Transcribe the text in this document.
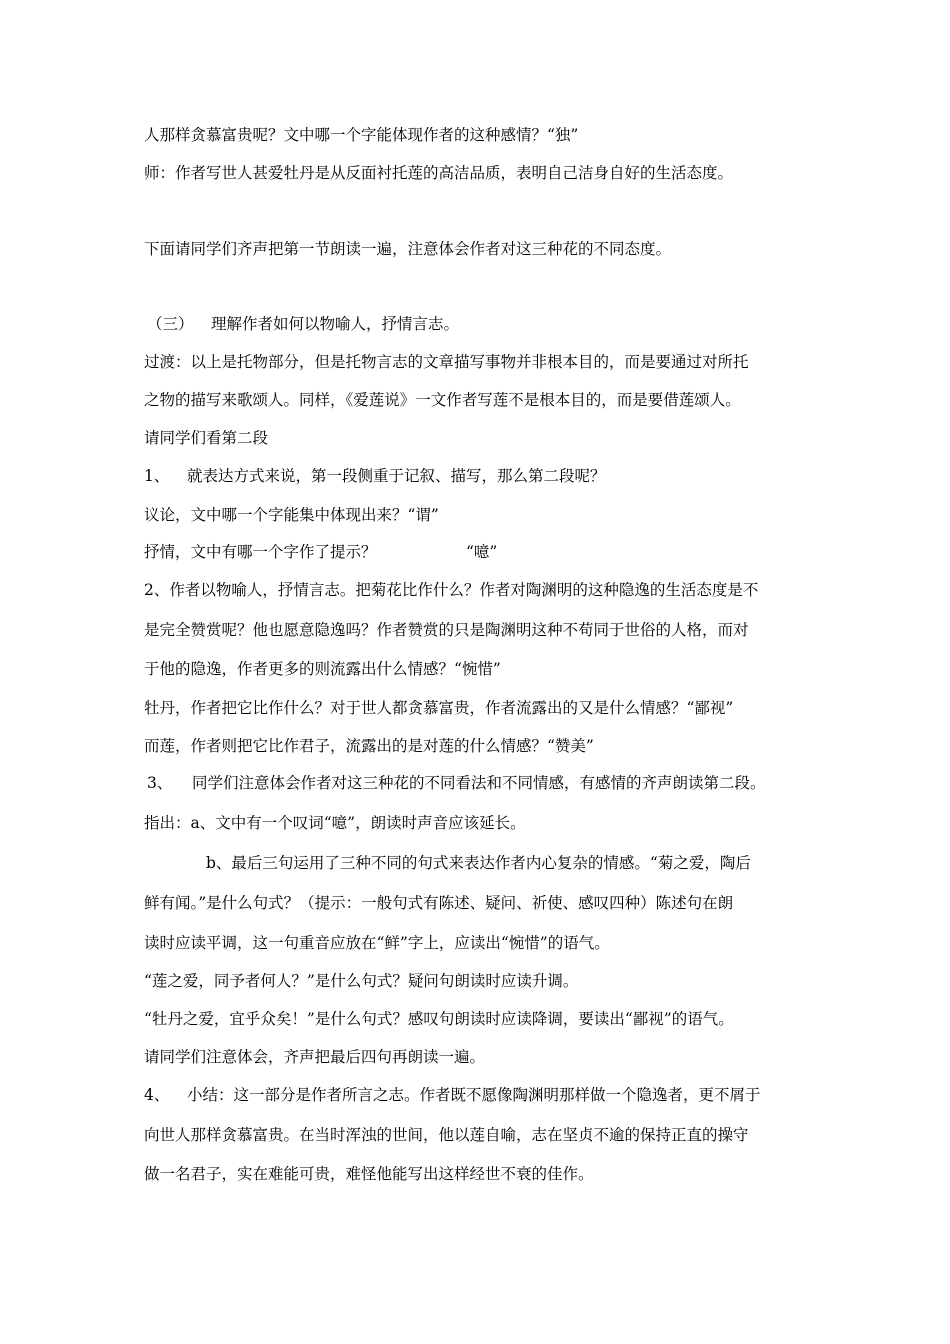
人那样贪慕富贵呢？文中哪一个字能体现作者的这种感情？“独”
师：作者写世人甚爱牡丹是从反面衬托莲的高洁品质，表明自己洁身自好的生活态度。
下面请同学们齐声把第一节朗读一遍，注意体会作者对这三种花的不同态度。
（三） 理解作者如何以物喻人，抒情言志。
过渡：以上是托物部分，但是托物言志的文章描写事物并非根本目的，而是要通过对所托
之物的描写来歌颂人。同样，《爱莲说》一文作者写莲不是根本目的，而是要借莲颂人。
请同学们看第二段
1、 就表达方式来说，第一段侧重于记叙、描写，那么第二段呢？
议论，文中哪一个字能集中体现出来？“谓”
抒情，文中有哪一个字作了提示？	“噫”
2、作者以物喻人，抒情言志。把菊花比作什么？作者对陶渊明的这种隐逸的生活态度是不
是完全赞赏呢？他也愿意隐逸吗？作者赞赏的只是陶渊明这种不苟同于世俗的人格，而对
于他的隐逸，作者更多的则流露出什么情感？“惋惜”
牡丹，作者把它比作什么？对于世人都贪慕富贵，作者流露出的又是什么情感？“鄙视”
而莲，作者则把它比作君子，流露出的是对莲的什么情感？“赞美”
3、 同学们注意体会作者对这三种花的不同看法和不同情感，有感情的齐声朗读第二段。
指出：a、文中有一个叹词“噫”，朗读时声音应该延长。
b、最后三句运用了三种不同的句式来表达作者内心复杂的情感。“菊之爱，陶后
鲜有闻。”是什么句式？（提示：一般句式有陈述、疑问、祈使、感叹四种）陈述句在朗
读时应读平调，这一句重音应放在“鲜”字上，应读出“惋惜”的语气。
“莲之爱，同予者何人？”是什么句式？疑问句朗读时应读升调。
“牡丹之爱，宜乎众矣！”是什么句式？感叹句朗读时应读降调，要读出“鄙视”的语气。
请同学们注意体会，齐声把最后四句再朗读一遍。
4、 小结：这一部分是作者所言之志。作者既不愿像陶渊明那样做一个隐逸者，更不屑于
向世人那样贪慕富贵。在当时浑浊的世间，他以莲自喻，志在坚贞不逾的保持正直的操守
做一名君子，实在难能可贵，难怪他能写出这样经世不衰的佳作。
